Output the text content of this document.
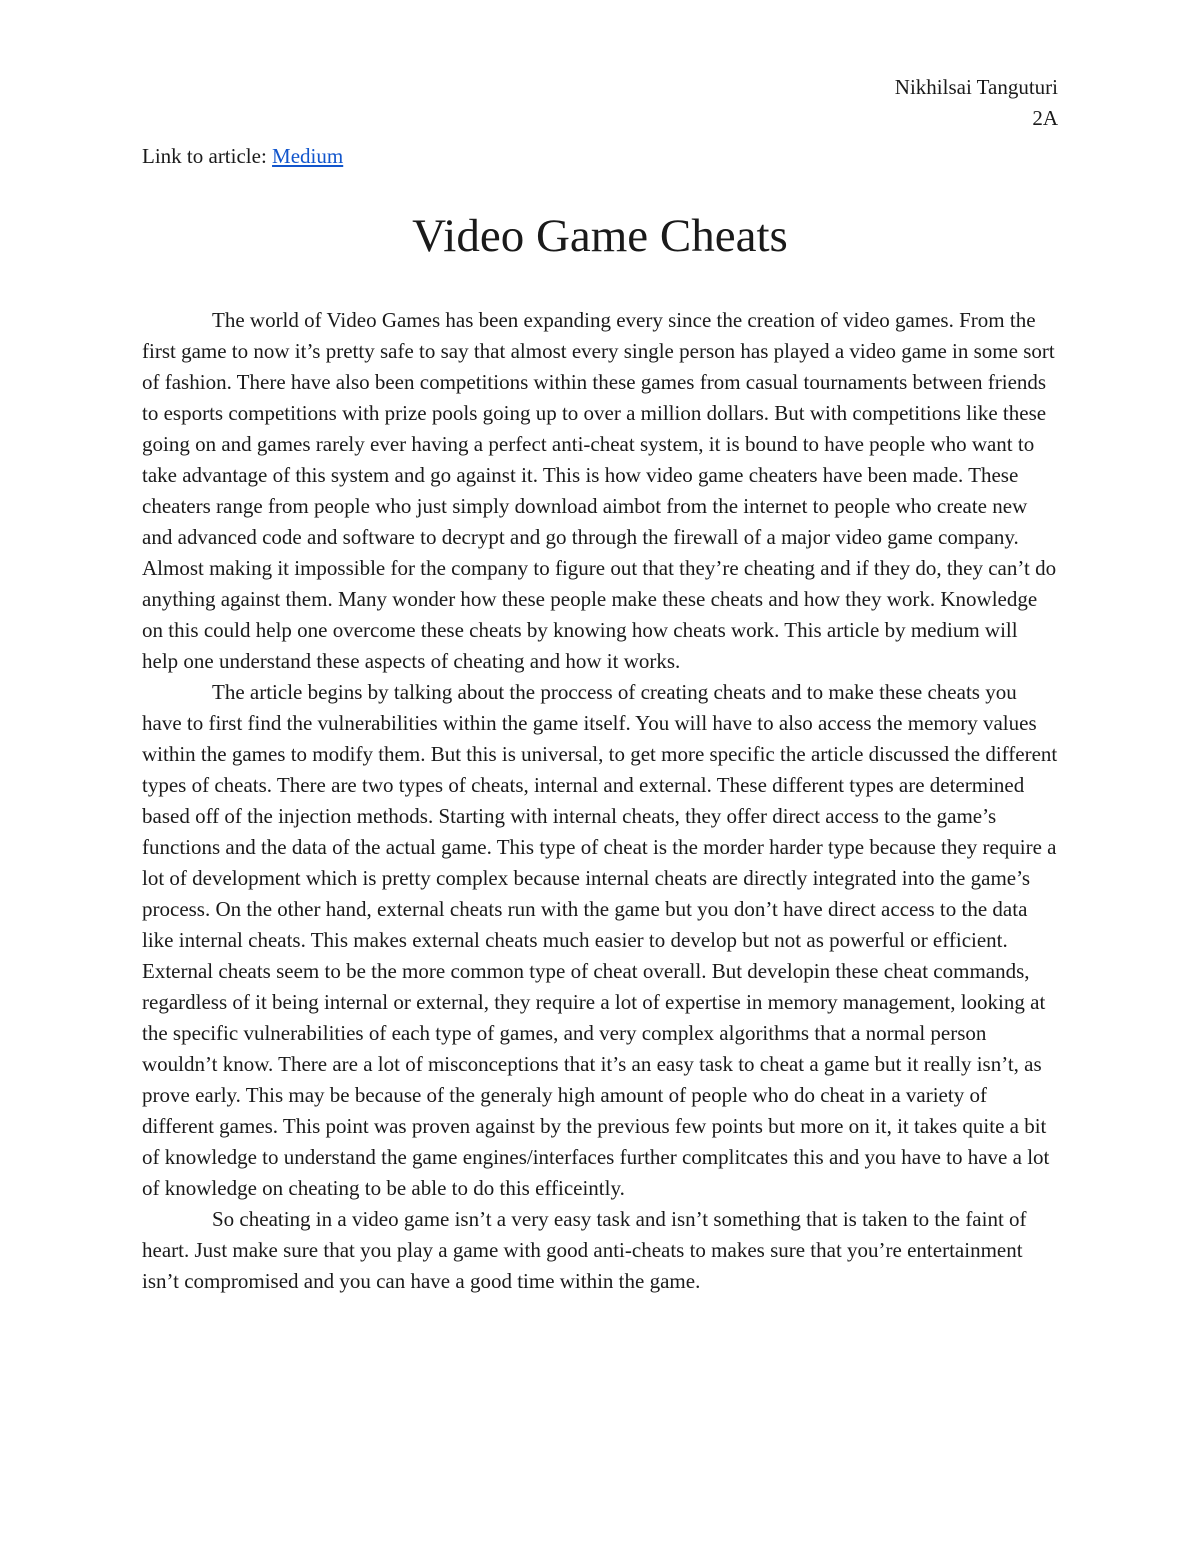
Nikhilsai Tanguturi
2A
Link to article: Medium
Video Game Cheats

The world of Video Games has been expanding every since the creation of video games. From the first game to now it’s pretty safe to say that almost every single person has played a video game in some sort of fashion. There have also been competitions within these games from casual tournaments between friends to esports competitions with prize pools going up to over a million dollars. But with competitions like these going on and games rarely ever having a perfect anti-cheat system, it is bound to have people who want to take advantage of this system and go against it. This is how video game cheaters have been made. These cheaters range from people who just simply download aimbot from the internet to people who create new and advanced code and software to decrypt and go through the firewall of a major video game company. Almost making it impossible for the company to figure out that they’re cheating and if they do, they can’t do anything against them. Many wonder how these people make these cheats and how they work. Knowledge on this could help one overcome these cheats by knowing how cheats work. This article by medium will help one understand these aspects of cheating and how it works.

The article begins by talking about the proccess of creating cheats and to make these cheats you have to first find the vulnerabilities within the game itself. You will have to also access the memory values within the games to modify them. But this is universal, to get more specific the article discussed the different types of cheats. There are two types of cheats, internal and external. These different types are determined based off of the injection methods. Starting with internal cheats, they offer direct access to the game’s functions and the data of the actual game. This type of cheat is the morder harder type because they require a lot of development which is pretty complex because internal cheats are directly integrated into the game’s process. On the other hand, external cheats run with the game but you don’t have direct access to the data like internal cheats. This makes external cheats much easier to develop but not as powerful or efficient. External cheats seem to be the more common type of cheat overall. But developin these cheat commands, regardless of it being internal or external, they require a lot of expertise in memory management, looking at the specific vulnerabilities of each type of games, and very complex algorithms that a normal person wouldn’t know. There are a lot of misconceptions that it’s an easy task to cheat a game but it really isn’t, as prove early. This may be because of the generaly high amount of people who do cheat in a variety of different games. This point was proven against by the previous few points but more on it, it takes quite a bit of knowledge to understand the game engines/interfaces further complitcates this and you have to have a lot of knowledge on cheating to be able to do this efficeintly.

So cheating in a video game isn’t a very easy task and isn’t something that is taken to the faint of heart. Just make sure that you play a game with good anti-cheats to makes sure that you’re entertainment isn’t compromised and you can have a good time within the game.
